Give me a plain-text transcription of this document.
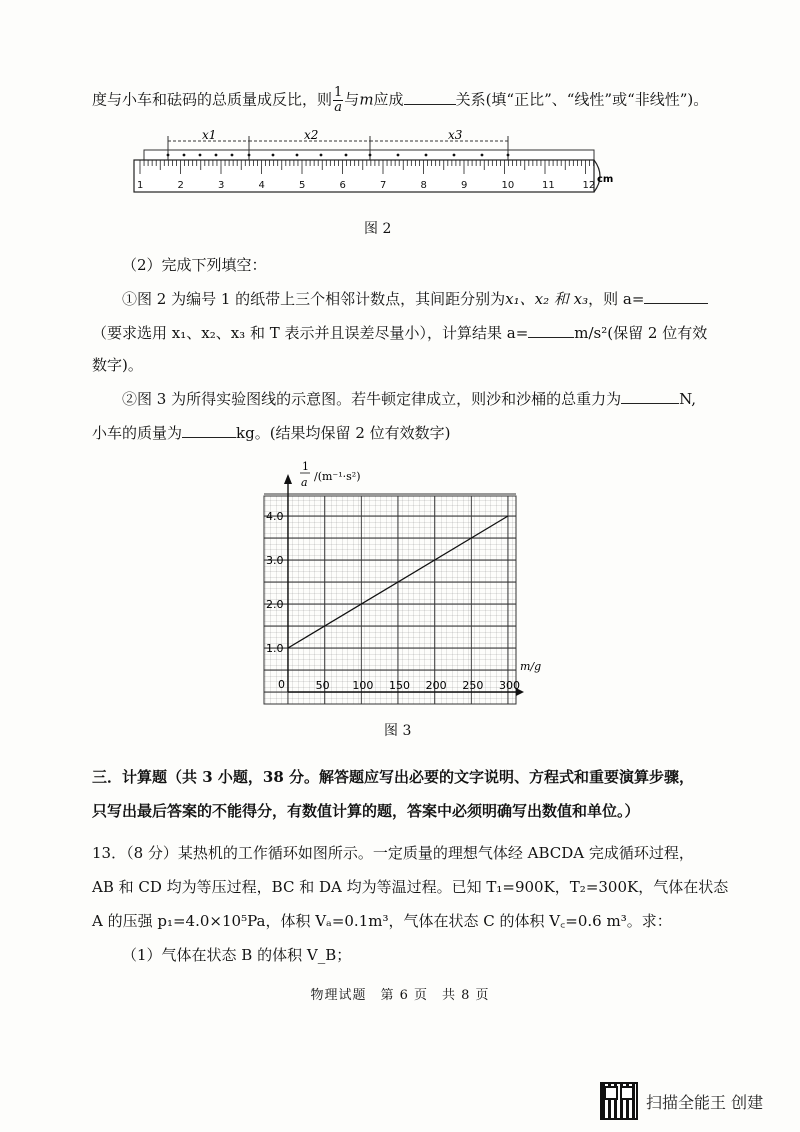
度与小车和砝码的总质量成反比，则 $\frac{1}{a}$ 与m应成	关系(填“正比”、“线性”或“非线性”)。
x1	x2	x3
1	2	3	4	5	6	7	8	9	10	11	12
cm
图 2
（2）完成下列填空：
①图 2 为编号 1 的纸带上三个相邻计数点，其间距分别为x₁、x₂ 和 x₃，则 a=
（要求选用 x₁、x₂、x₃ 和 T 表示并且误差尽量小），计算结果 a=	m/s²(保留 2 位有效
数字)。
②图 3 为所得实验图线的示意图。若牛顿定律成立，则沙和沙桶的总重力为	N,
小车的质量为	kg。(结果均保留 2 位有效数字)
1
a /(m⁻¹·s²)
m/g
0	50 100 150 200 250 300
1.0
2.0
3.0
4.0
图 3
三．计算题（共 3 小题，38 分。解答题应写出必要的文字说明、方程式和重要演算步骤，
只写出最后答案的不能得分，有数值计算的题，答案中必须明确写出数值和单位。）
13．（8 分）某热机的工作循环如图所示。一定质量的理想气体经 ABCDA 完成循环过程，
AB 和 CD 均为等压过程，BC 和 DA 均为等温过程。已知 T₁=900K，T₂=300K，气体在状态
A 的压强 p₁=4.0×10⁵Pa，体积 Vₐ=0.1m³，气体在状态 C 的体积 V꜀=0.6 m³。求：
（1）气体在状态 B 的体积 V_B；
物理试题　第 6 页　共 8 页
扫描全能王 创建
